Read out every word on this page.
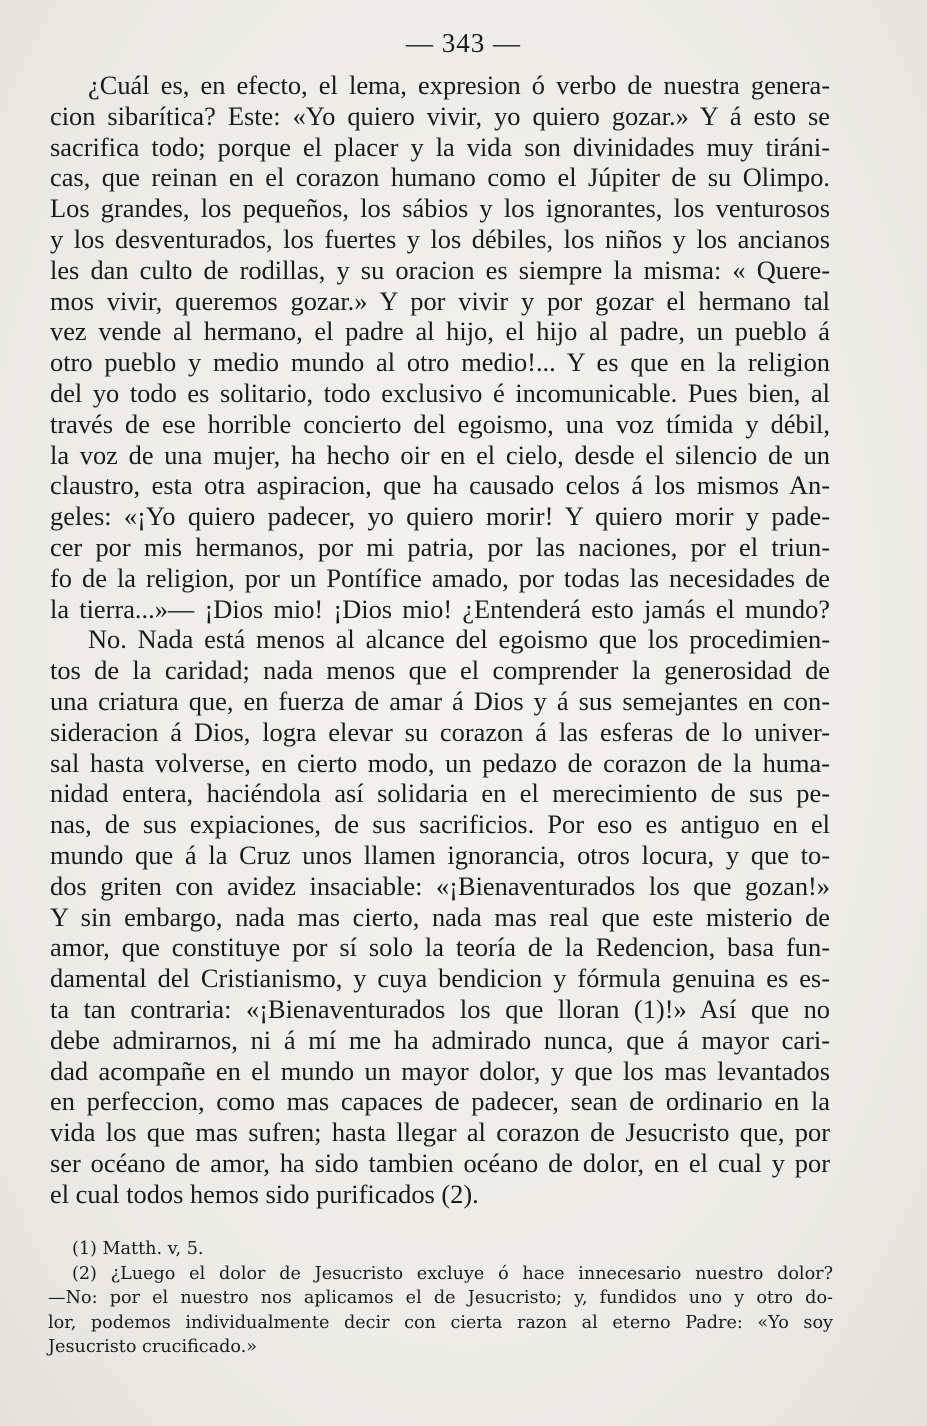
— 343 —
¿Cuál es, en efecto, el lema, expresion ó verbo de nuestra genera-
cion sibarítica? Este: «Yo quiero vivir, yo quiero gozar.» Y á esto se
sacrifica todo; porque el placer y la vida son divinidades muy tiráni-
cas, que reinan en el corazon humano como el Júpiter de su Olimpo.
Los grandes, los pequeños, los sábios y los ignorantes, los venturosos
y los desventurados, los fuertes y los débiles, los niños y los ancianos
les dan culto de rodillas, y su oracion es siempre la misma: « Quere-
mos vivir, queremos gozar.» Y por vivir y por gozar el hermano tal
vez vende al hermano, el padre al hijo, el hijo al padre, un pueblo á
otro pueblo y medio mundo al otro medio!... Y es que en la religion
del yo todo es solitario, todo exclusivo é incomunicable. Pues bien, al
través de ese horrible concierto del egoismo, una voz tímida y débil,
la voz de una mujer, ha hecho oir en el cielo, desde el silencio de un
claustro, esta otra aspiracion, que ha causado celos á los mismos An-
geles: «¡Yo quiero padecer, yo quiero morir! Y quiero morir y pade-
cer por mis hermanos, por mi patria, por las naciones, por el triun-
fo de la religion, por un Pontífice amado, por todas las necesidades de
la tierra...»— ¡Dios mio! ¡Dios mio! ¿Entenderá esto jamás el mundo?
No. Nada está menos al alcance del egoismo que los procedimien-
tos de la caridad; nada menos que el comprender la generosidad de
una criatura que, en fuerza de amar á Dios y á sus semejantes en con-
sideracion á Dios, logra elevar su corazon á las esferas de lo univer-
sal hasta volverse, en cierto modo, un pedazo de corazon de la huma-
nidad entera, haciéndola así solidaria en el merecimiento de sus pe-
nas, de sus expiaciones, de sus sacrificios. Por eso es antiguo en el
mundo que á la Cruz unos llamen ignorancia, otros locura, y que to-
dos griten con avidez insaciable: «¡Bienaventurados los que gozan!»
Y sin embargo, nada mas cierto, nada mas real que este misterio de
amor, que constituye por sí solo la teoría de la Redencion, basa fun-
damental del Cristianismo, y cuya bendicion y fórmula genuina es es-
ta tan contraria: «¡Bienaventurados los que lloran (1)!» Así que no
debe admirarnos, ni á mí me ha admirado nunca, que á mayor cari-
dad acompañe en el mundo un mayor dolor, y que los mas levantados
en perfeccion, como mas capaces de padecer, sean de ordinario en la
vida los que mas sufren; hasta llegar al corazon de Jesucristo que, por
ser océano de amor, ha sido tambien océano de dolor, en el cual y por
el cual todos hemos sido purificados (2).
(1) Matth. v, 5.
(2) ¿Luego el dolor de Jesucristo excluye ó hace innecesario nuestro dolor?
—No: por el nuestro nos aplicamos el de Jesucristo; y, fundidos uno y otro do-
lor, podemos individualmente decir con cierta razon al eterno Padre: «Yo soy
Jesucristo crucificado.»
